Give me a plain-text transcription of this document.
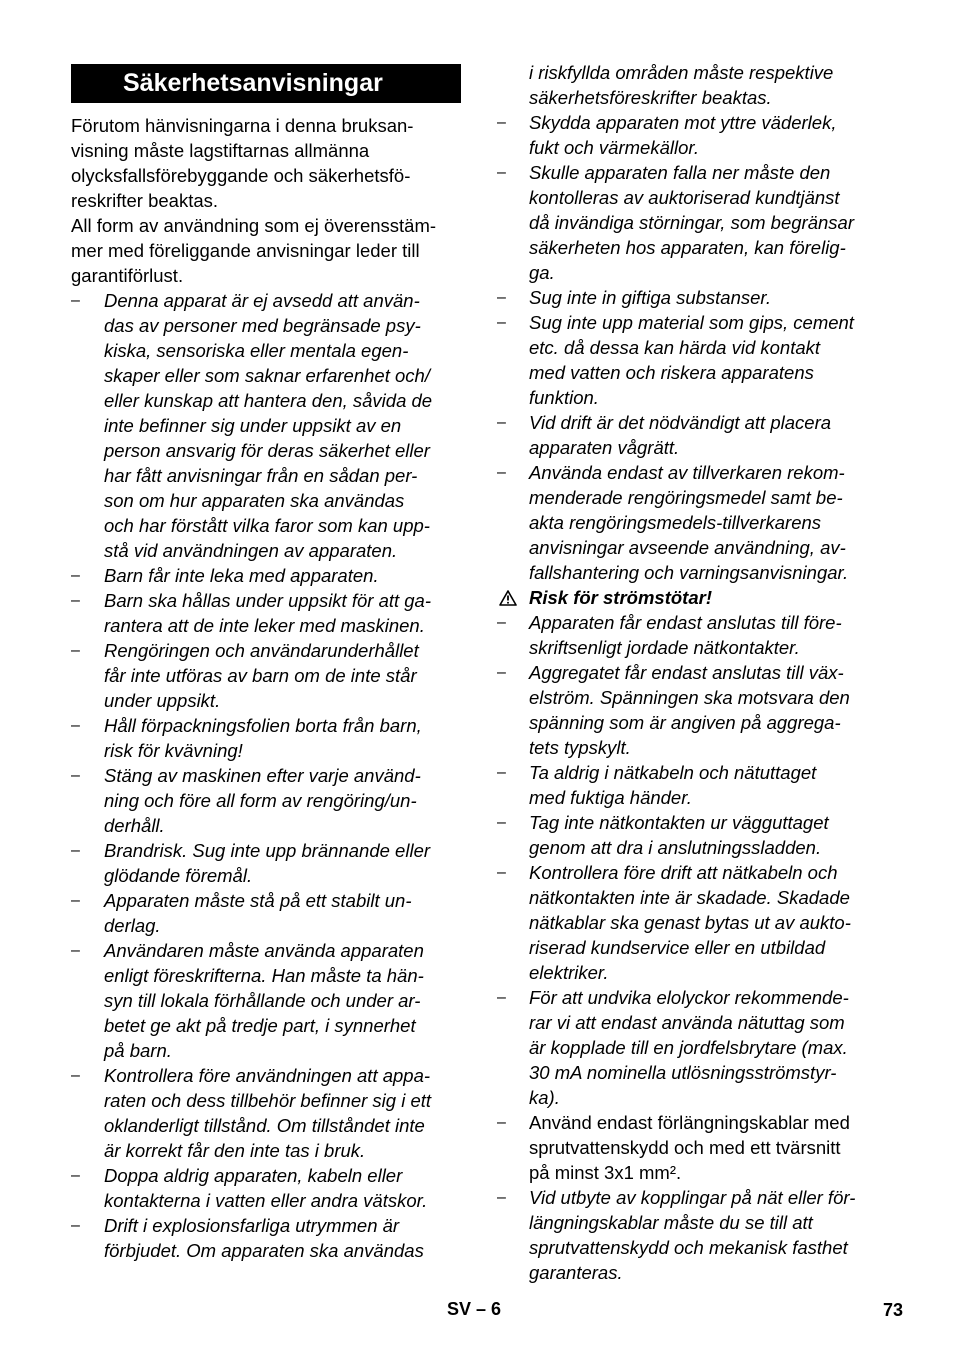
Säkerhetsanvisningar
Förutom hänvisningarna i denna bruksan-
visning måste lagstiftarnas allmänna
olycksfallsförebyggande och säkerhetsfö-
reskrifter beaktas.
All form av användning som ej överensstäm-
mer med föreliggande anvisningar leder till
garantiförlust.
– Denna apparat är ej avsedd att använ-
das av personer med begränsade psy-
kiska, sensoriska eller mentala egen-
skaper eller som saknar erfarenhet och/
eller kunskap att hantera den, såvida de
inte befinner sig under uppsikt av en
person ansvarig för deras säkerhet eller
har fått anvisningar från en sådan per-
son om hur apparaten ska användas
och har förstått vilka faror som kan upp-
stå vid användningen av apparaten.
– Barn får inte leka med apparaten.
– Barn ska hållas under uppsikt för att ga-
rantera att de inte leker med maskinen.
– Rengöringen och användarunderhållet
får inte utföras av barn om de inte står
under uppsikt.
– Håll förpackningsfolien borta från barn,
risk för kvävning!
– Stäng av maskinen efter varje använd-
ning och före all form av rengöring/un-
derhåll.
– Brandrisk. Sug inte upp brännande eller
glödande föremål.
– Apparaten måste stå på ett stabilt un-
derlag.
– Användaren måste använda apparaten
enligt föreskrifterna. Han måste ta hän-
syn till lokala förhållande och under ar-
betet ge akt på tredje part, i synnerhet
på barn.
– Kontrollera före användningen att appa-
raten och dess tillbehör befinner sig i ett
oklanderligt tillstånd. Om tillståndet inte
är korrekt får den inte tas i bruk.
– Doppa aldrig apparaten, kabeln eller
kontakterna i vatten eller andra vätskor.
– Drift i explosionsfarliga utrymmen är
förbjudet. Om apparaten ska användas
i riskfyllda områden måste respektive
säkerhetsföreskrifter beaktas.
– Skydda apparaten mot yttre väderlek,
fukt och värmekällor.
– Skulle apparaten falla ner måste den
kontolleras av auktoriserad kundtjänst
då invändiga störningar, som begränsar
säkerheten hos apparaten, kan förelig-
ga.
– Sug inte in giftiga substanser.
– Sug inte upp material som gips, cement
etc. då dessa kan härda vid kontakt
med vatten och riskera apparatens
funktion.
– Vid drift är det nödvändigt att placera
apparaten vågrätt.
– Använda endast av tillverkaren rekom-
menderade rengöringsmedel samt be-
akta rengöringsmedels-tillverkarens
anvisningar avseende användning, av-
fallshantering och varningsanvisningar.
Risk för strömstötar!
– Apparaten får endast anslutas till före-
skriftsenligt jordade nätkontakter.
– Aggregatet får endast anslutas till väx-
elström. Spänningen ska motsvara den
spänning som är angiven på aggrega-
tets typskylt.
– Ta aldrig i nätkabeln och nätuttaget
med fuktiga händer.
– Tag inte nätkontakten ur vägguttaget
genom att dra i anslutningssladden.
– Kontrollera före drift att nätkabeln och
nätkontakten inte är skadade. Skadade
nätkablar ska genast bytas ut av aukto-
riserad kundservice eller en utbildad
elektriker.
– För att undvika elolyckor rekommende-
rar vi att endast använda nätuttag som
är kopplade till en jordfelsbrytare (max.
30 mA nominella utlösningsströmstyr-
ka).
– Använd endast förlängningskablar med
sprutvattenskydd och med ett tvärsnitt
på minst 3x1 mm².
– Vid utbyte av kopplingar på nät eller för-
längningskablar måste du se till att
sprutvattenskydd och mekanisk fasthet
garanteras.
SV – 6	73
